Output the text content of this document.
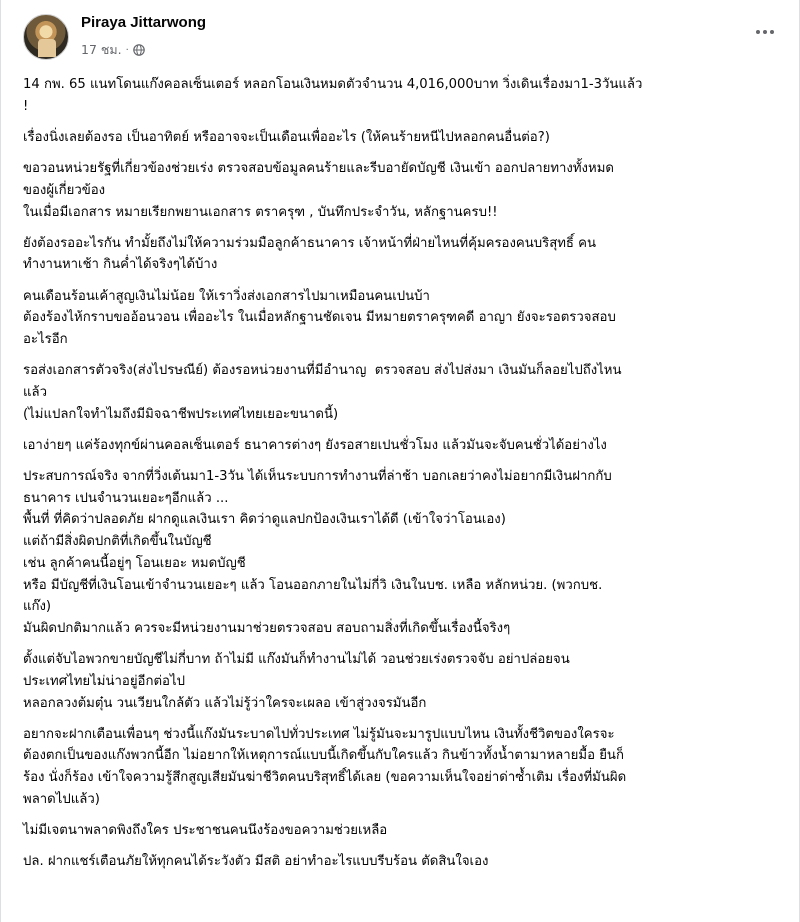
Piraya Jittarwong
17 ชม. ·

14 กพ. 65 แนทโดนแก๊งคอลเซ็นเตอร์ หลอกโอนเงินหมดตัวจำนวน 4,016,000บาท วิ่งเดินเรื่องมา1-3วันแล้ว
!

เรื่องนิ่งเลยต้องรอ เป็นอาทิตย์ หรืออาจจะเป็นเดือนเพื่ออะไร (ให้คนร้ายหนีไปหลอกคนอื่นต่อ?)

ขอวอนหน่วยรัฐที่เกี่ยวข้องช่วยเร่ง ตรวจสอบข้อมูลคนร้ายและรีบอายัดบัญชี เงินเข้า ออกปลายทางทั้งหมด
ของผู้เกี่ยวข้อง
ในเมื่อมีเอกสาร หมายเรียกพยานเอกสาร ตราครุฑ , บันทึกประจำวัน, หลักฐานครบ!!

ยังต้องรออะไรกัน ทำมั้ยถึงไม่ให้ความร่วมมือลูกค้าธนาคาร เจ้าหน้าที่ฝ่ายไหนที่คุ้มครองคนบริสุทธิ์ คน
ทำงานหาเช้า กินค่ำได้จริงๆได้บ้าง

คนเดือนร้อนเค้าสูญเงินไม่น้อย ให้เราวิ่งส่งเอกสารไปมาเหมือนคนเปนบ้า
ต้องร้องไห้กราบขออ้อนวอน เพื่ออะไร ในเมื่อหลักฐานชัดเจน มีหมายตราครุฑคดี อาญา ยังจะรอตรวจสอบ
อะไรอีก

รอส่งเอกสารตัวจริง(ส่งไปรษณีย์) ต้องรอหน่วยงานที่มีอำนาญ  ตรวจสอบ ส่งไปส่งมา เงินมันก็ลอยไปถึงไหน
แล้ว
(ไม่แปลกใจทำไมถึงมีมิจฉาชีพประเทศไทยเยอะขนาดนี้)

เอาง่ายๆ แค่ร้องทุกข์ผ่านคอลเซ็นเตอร์ ธนาคารต่างๆ ยังรอสายเปนชั่วโมง แล้วมันจะจับคนชั่วได้อย่างไง

ประสบการณ์จริง จากที่วิ่งเต้นมา1-3วัน ได้เห็นระบบการทำงานที่ล่าช้า บอกเลยว่าคงไม่อยากมีเงินฝากกับ
ธนาคาร เปนจำนวนเยอะๆอีกแล้ว ...
พื้นที่ ที่คิดว่าปลอดภัย ฝากดูแลเงินเรา คิดว่าดูแลปกป้องเงินเราได้ดี (เข้าใจว่าโอนเอง)
แต่ถ้ามีสิ่งผิดปกติที่เกิดขึ้นในบัญชี
เช่น ลูกค้าคนนี้อยู่ๆ โอนเยอะ หมดบัญชี
หรือ มีบัญชีที่เงินโอนเข้าจำนวนเยอะๆ แล้ว โอนออกภายในไม่กี่วิ เงินในบช. เหลือ หลักหน่วย. (พวกบช.
แก๊ง)
มันผิดปกติมากแล้ว ควรจะมีหน่วยงานมาช่วยตรวจสอบ สอบถามสิ่งที่เกิดขึ้นเรื่องนี้จริงๆ

ตั้งแต่จับไอพวกขายบัญชีไม่กี่บาท ถ้าไม่มี แก๊งมันก็ทำงานไม่ได้ วอนช่วยเร่งตรวจจับ อย่าปล่อยจน
ประเทศไทยไม่น่าอยู่อีกต่อไป
หลอกลวงต้มตุ๋น วนเวียนใกล้ตัว แล้วไม่รู้ว่าใครจะเผลอ เข้าสู่วงจรมันอีก

อยากจะฝากเตือนเพื่อนๆ ช่วงนี้แก๊งมันระบาดไปทั่วประเทศ ไม่รู้มันจะมารูปแบบไหน เงินทั้งชีวิตของใครจะ
ต้องตกเป็นของแก๊งพวกนี้อีก ไม่อยากให้เหตุการณ์แบบนี้เกิดขึ้นกับใครแล้ว กินข้าวทั้งน้ำตามาหลายมื้อ ยืนก็
ร้อง นั่งก็ร้อง เข้าใจความรู้สึกสูญเสียมันฆ่าชีวิตคนบริสุทธิ์ได้เลย (ขอความเห็นใจอย่าด่าซ้ำเติม เรื่องที่มันผิด
พลาดไปแล้ว)

ไม่มีเจตนาพลาดพิงถึงใคร ประชาชนคนนึงร้องขอความช่วยเหลือ

ปล. ฝากแชร์เตือนภัยให้ทุกคนได้ระวังตัว มีสติ อย่าทำอะไรแบบรีบร้อน ตัดสินใจเอง
